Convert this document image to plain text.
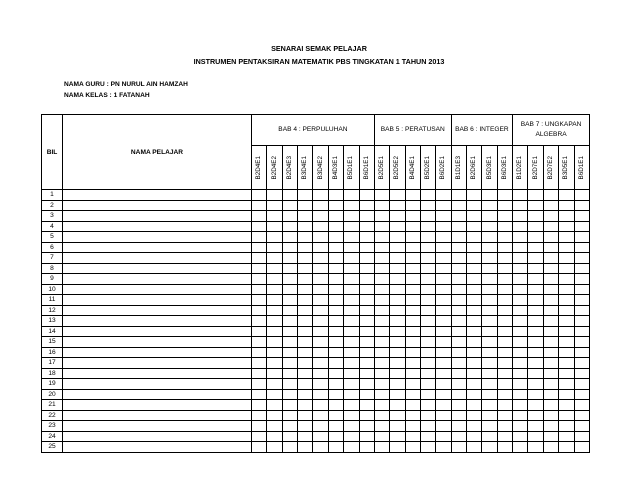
SENARAI SEMAK PELAJAR
INSTRUMEN PENTAKSIRAN MATEMATIK PBS TINGKATAN 1 TAHUN 2013
NAMA GURU : PN NURUL AIN HAMZAH
NAMA KELAS : 1 FATANAH
BIL	NAMA PELAJAR	BAB 4 : PERPULUHAN								BAB 5 : PERATUSAN					BAB 6 : INTEGER				BAB 7 : UNGKAPAN ALGEBRA				

		B2D4E1	B2D4E2	B2D4E3	B3D4E1	B3D4E2	B4D3E1	B5D1E1	B6D1E1	B2D5E1	B2D5E2	B4D4E1	B5D2E1	B6D2E1	B1D1E3	B2D6E1	B5D3E1	B6D3E1	B1D2E1	B2D7E1	B2D7E2	B3D5E1	B6D1E1

1																							
2																							
3																							
4																							
5																							
6																							
7																							
8																							
9																							
10																							
11																							
12																							
13																							
14																							
15																							
16																							
17																							
18																							
19																							
20																							
21																							
22																							
23																							
24																							
25																							
